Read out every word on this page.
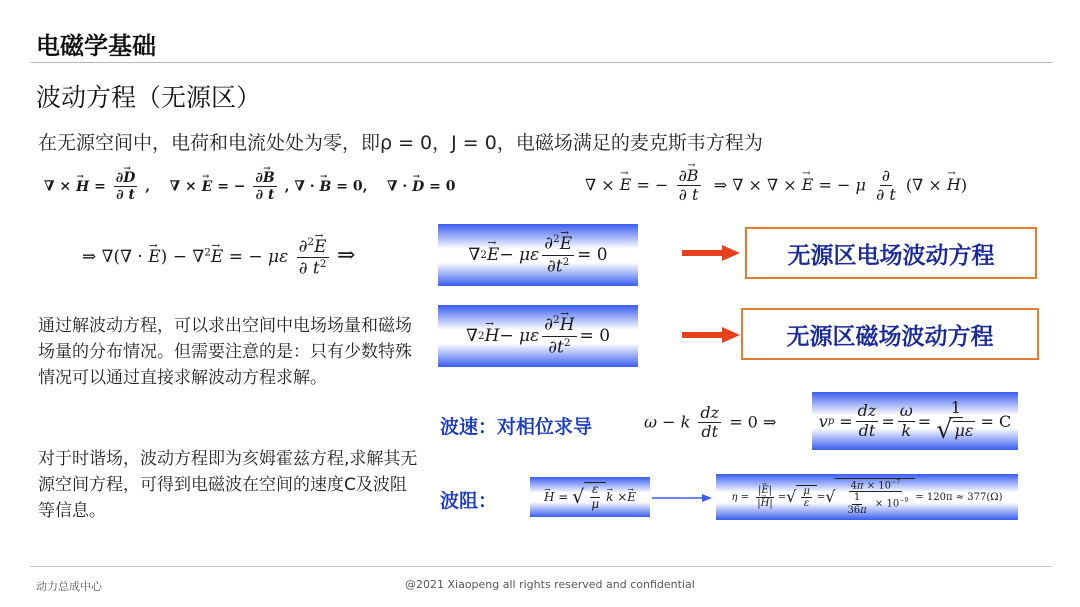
电磁学基础
波动方程（无源区）
在无源空间中，电荷和电流处处为零，即ρ = 0，J = 0，电磁场满足的麦克斯韦方程为
∇ × → $H = \frac{\partial\to D}{\partial t}$ ,    ∇ × → E = − $\frac{\partial\to B}{\partial t}$ , ∇ · → B = 0,    ∇ · → D = 0	∇ × → E = − $\frac{\partial\to B}{\partial t}$ ⇒ ∇ × ∇ × → E = − μ $\frac{\partial}{\partial t}$ (∇ × → H)
⇒ ∇(∇ · → E) − ∇$^2$→ E = − με $\frac{\partial^2\to E}{\partial t^2}$ ⇒	∇ 2
→ E − με $\frac{\partial^2\to E}{\partial t^2} = 0$	无源区电场波动方程
通过解波动方程，可以求出空间中电场场量和磁场场量的分布情况。但需要注意的是：只有少数特殊情况可以通过直接求解波动方程求解。
∇ 2
→ H − με $\frac{\partial^2\to H}{\partial t^2} = 0$	无源区磁场波动方程
波速：对相位求导	ω − k $\frac{dz}{dt} = 0$ ⇒	v $p = \frac{dz}{dt} = \frac{\omega}{k} = \frac{1}{√ \mu\varepsilon} = C$
对于时谐场，波动方程即为亥姆霍兹方程,求解其无源空间方程，可得到电磁波在空间的速度C及波阻等信息。	波阻：
→	H = √ $\frac{\varepsilon}{\mu}$
→ k ×
→ E	$\eta = \frac{|\to E|}{|\to H|}$ = √ $\frac{\mu}{\varepsilon}$ = √ $\frac{4\pi \times 10^{-7}}{\frac{1}{36\pi} \times 10^{-9}} = 120\pi \approx 377(\Omega)$
动力总成中心	@2021 Xiaopeng all rights reserved and confidential
